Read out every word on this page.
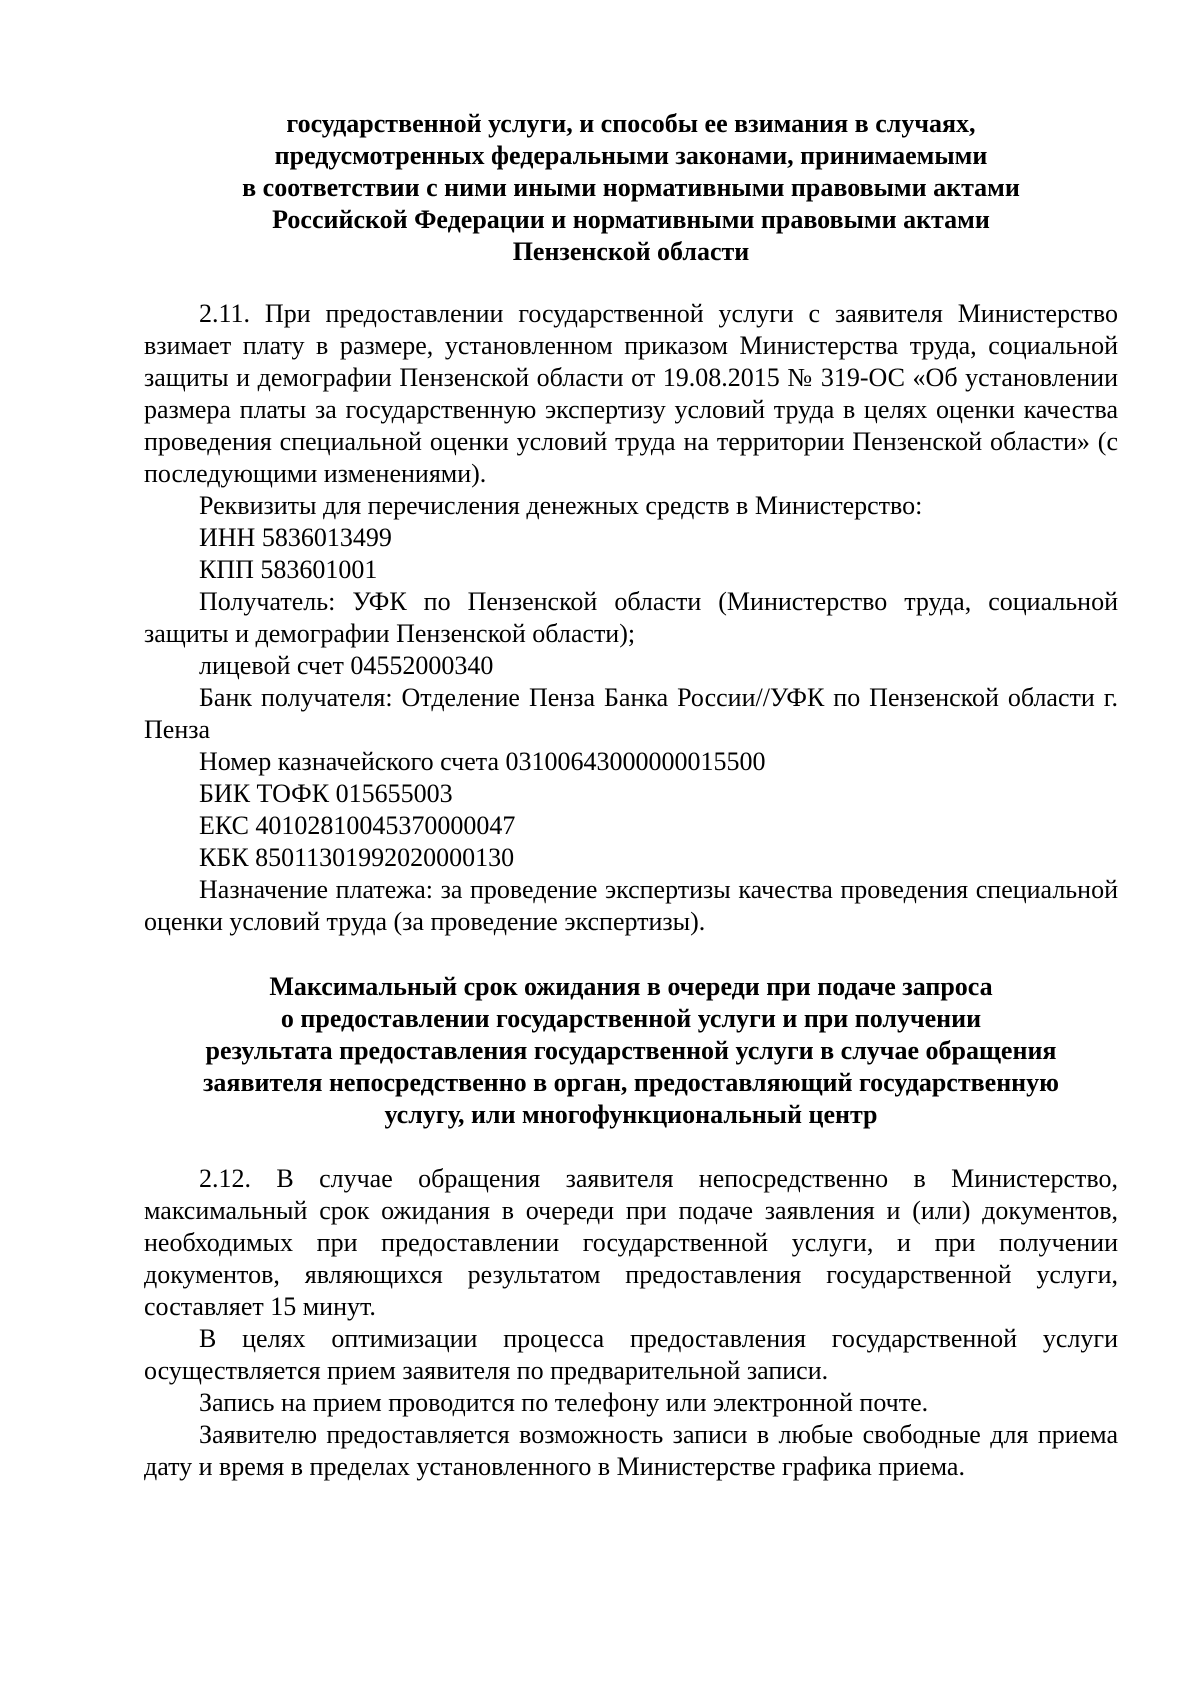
государственной услуги, и способы ее взимания в случаях,
предусмотренных федеральными законами, принимаемыми
в соответствии с ними иными нормативными правовыми актами
Российской Федерации и нормативными правовыми актами
Пензенской области

2.11. При предоставлении государственной услуги с заявителя Министерство взимает плату в размере, установленном приказом Министерства труда, социальной защиты и демографии Пензенской области от 19.08.2015 № 319-ОС «Об установлении размера платы за государственную экспертизу условий труда в целях оценки качества проведения специальной оценки условий труда на территории Пензенской области» (с последующими изменениями).

Реквизиты для перечисления денежных средств в Министерство:

ИНН 5836013499

КПП 583601001

Получатель: УФК по Пензенской области (Министерство труда, социальной защиты и демографии Пензенской области);

лицевой счет 04552000340

Банк получателя: Отделение Пенза Банка России//УФК по Пензенской области г. Пенза

Номер казначейского счета 03100643000000015500

БИК ТОФК 015655003

ЕКС 40102810045370000047

КБК 85011301992020000130

Назначение платежа: за проведение экспертизы качества проведения специальной оценки условий труда (за проведение экспертизы).

Максимальный срок ожидания в очереди при подаче запроса
о предоставлении государственной услуги и при получении
результата предоставления государственной услуги в случае обращения
заявителя непосредственно в орган, предоставляющий государственную
услугу, или многофункциональный центр

2.12. В случае обращения заявителя непосредственно в Министерство, максимальный срок ожидания в очереди при подаче заявления и (или) документов, необходимых при предоставлении государственной услуги, и при получении документов, являющихся результатом предоставления государственной услуги, составляет 15 минут.

В целях оптимизации процесса предоставления государственной услуги осуществляется прием заявителя по предварительной записи.

Запись на прием проводится по телефону или электронной почте.

Заявителю предоставляется возможность записи в любые свободные для приема дату и время в пределах установленного в Министерстве графика приема.
